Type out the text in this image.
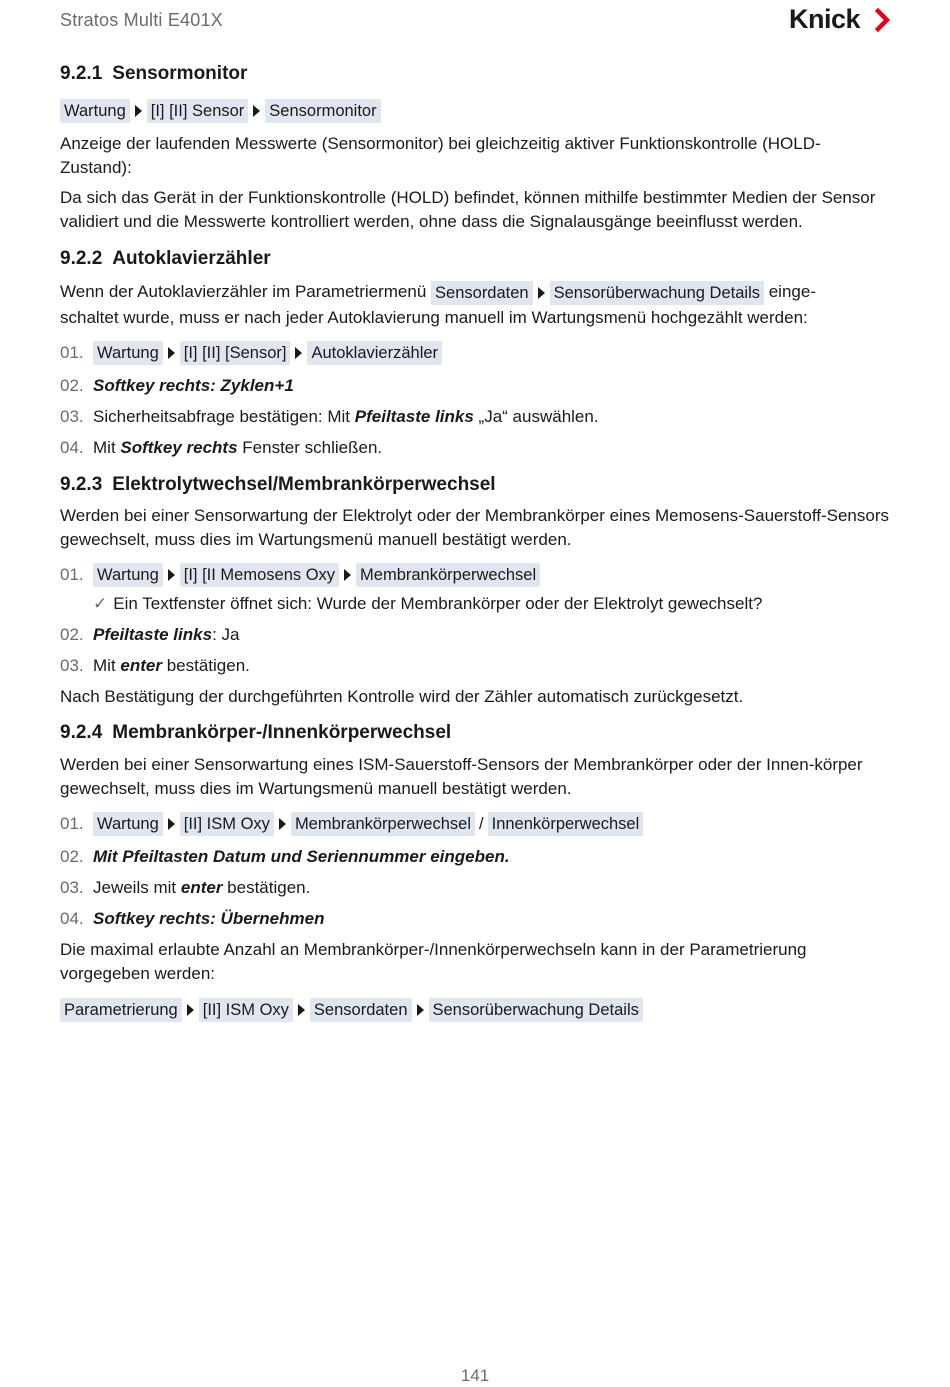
Stratos Multi E401X	Knick
9.2.1 Sensormonitor
Wartung [I] [II] Sensor Sensormonitor

Anzeige der laufenden Messwerte (Sensormonitor) bei gleichzeitig aktiver Funktionskontrolle (HOLD-Zustand):

Da sich das Gerät in der Funktionskontrolle (HOLD) befindet, können mithilfe bestimmter Medien der Sensor validiert und die Messwerte kontrolliert werden, ohne dass die Signalausgänge beeinflusst werden.

9.2.2 Autoklavierzähler
Wenn der Autoklavierzähler im Parametriermenü Sensordaten Sensorüberwachung Details einge-
schaltet wurde, muss er nach jeder Autoklavierung manuell im Wartungsmenü hochgezählt werden:
01. Wartung [I] [II] [Sensor] Autoklavierzähler
02. Softkey rechts: Zyklen+1
03. Sicherheitsabfrage bestätigen: Mit Pfeiltaste links „Ja“ auswählen.
04. Mit Softkey rechts Fenster schließen.
9.2.3 Elektrolytwechsel/Membrankörperwechsel

Werden bei einer Sensorwartung der Elektrolyt oder der Membrankörper eines Memosens-Sauerstoff-Sensors gewechselt, muss dies im Wartungsmenü manuell bestätigt werden.

01. Wartung [I] [II Memosens Oxy Membrankörperwechsel
✓ Ein Textfenster öffnet sich: Wurde der Membrankörper oder der Elektrolyt gewechselt?
02. Pfeiltaste links : Ja
03. Mit enter bestätigen.

Nach Bestätigung der durchgeführten Kontrolle wird der Zähler automatisch zurückgesetzt.

9.2.4 Membrankörper-/Innenkörperwechsel

Werden bei einer Sensorwartung eines ISM-Sauerstoff-Sensors der Membrankörper oder der Innen-körper gewechselt, muss dies im Wartungsmenü manuell bestätigt werden.

01. Wartung [II] ISM Oxy Membrankörperwechsel / Innenkörperwechsel
02. Mit Pfeiltasten Datum und Seriennummer eingeben.
03. Jeweils mit enter bestätigen.
04. Softkey rechts: Übernehmen

Die maximal erlaubte Anzahl an Membrankörper-/Innenkörperwechseln kann in der Parametrierung vorgegeben werden:

Parametrierung [II] ISM Oxy Sensordaten Sensorüberwachung Details
141
